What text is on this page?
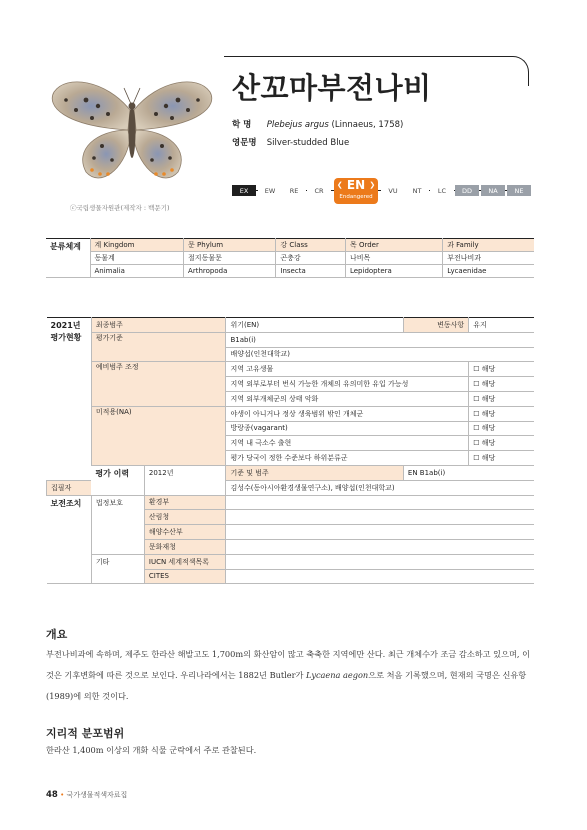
ⓒ국립생물자원관(제작자 : 백문기)
산꼬마부전나비
학 명 Plebejus argus (Linnaeus, 1758)
영문명 Silver-studded Blue
EX	EW	RE	CR
❮ EN ❯
Endangered
VU	NT	LC	DD	NA	NE
분류체계	계 Kingdom	문 Phylum	강 Class	목 Order	과 Family
	동물계	절지동물문	곤충강	나비목	부전나비과
	Animalia	Arthropoda	Insecta	Lepidoptera	Lycaenidae
2021년 평가현황	최종범주		위기(EN)	변동사항	유지
	평가기준		B1ab(i)		
			배양섭(인천대학교)		
	예비범주 조정		지역 고유생물		☐ 해당
			지역 외부로부터 번식 가능한 개체의 유의미한 유입 가능성		☐ 해당
			지역 외부개체군의 상태 악화		☐ 해당
	미적용(NA)		야생이 아니거나 정상 생육범위 밖인 개체군		☐ 해당
			방랑종(vagarant)		☐ 해당
			지역 내 극소수 출현		☐ 해당
			평가 당국이 정한 수준보다 하위분류군		☐ 해당
	평가 이력	2012년	기준 및 범주	EN B1ab(i)	
집필자			김성수(동아시아환경생물연구소), 배양섭(인천대학교)		
보전조치	법정보호	환경부			
		산림청			
		해양수산부			
		문화재청			
	기타	IUCN 세계적색목록			
		CITES			
개요
부전나비과에 속하며, 제주도 한라산 해발고도 1,700m의 화산암이 많고 축축한 지역에만 산다. 최근 개체수가 조금 감소하고 있으며, 이것은 기후변화에 따른 것으로 보인다. 우리나라에서는 1882년 Butler가 Lycaena aegon으로 처음 기록했으며, 현재의 국명은 신유항(1989)에 의한 것이다.
지리적 분포범위
한라산 1,400m 이상의 개화 식물 군락에서 주로 관찰된다.
48 • 국가생물적색자료집
